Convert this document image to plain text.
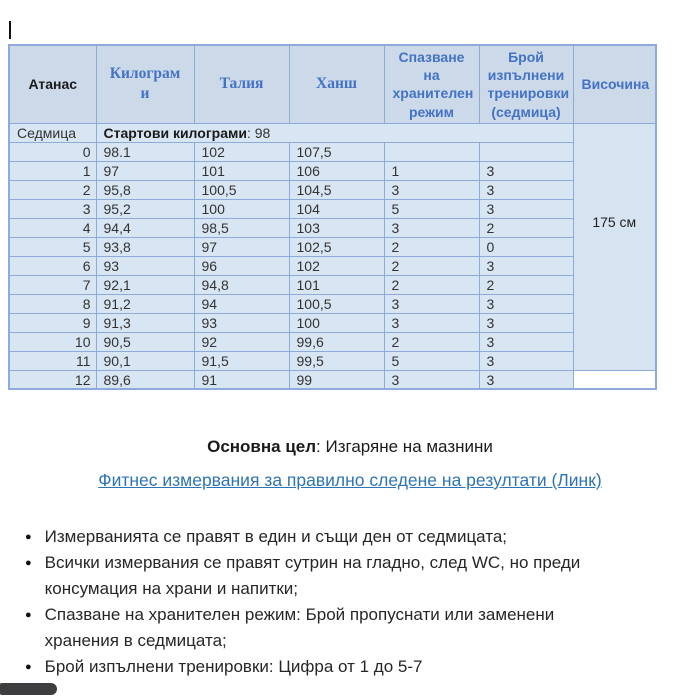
Атанас	Килограми	Талия	Ханш	Спазване на хранителен режим	Брой изпълнени тренировки (седмица)	Височина
Седмица	Стартови килограми: 98					175 см
0	98.1	102	107,5			
1	97	101	106	1	3	
2	95,8	100,5	104,5	3	3	
3	95,2	100	104	5	3	
4	94,4	98,5	103	3	2	
5	93,8	97	102,5	2	0	
6	93	96	102	2	3	
7	92,1	94,8	101	2	2	
8	91,2	94	100,5	3	3	
9	91,3	93	100	3	3	
10	90,5	92	99,6	2	3	
11	90,1	91,5	99,5	5	3	
12	89,6	91	99	3	3	
Основна цел: Изгаряне на мазнини
Фитнес измервания за правилно следене на резултати (Линк)
● Измерванията се правят в един и същи ден от седмицата;
● Всички измервания се правят сутрин на гладно, след WC, но преди
консумация на храни и напитки;
● Спазване на хранителен режим: Брой пропуснати или заменени
хранения в седмицата;
● Брой изпълнени тренировки: Цифра от 1 до 5-7
